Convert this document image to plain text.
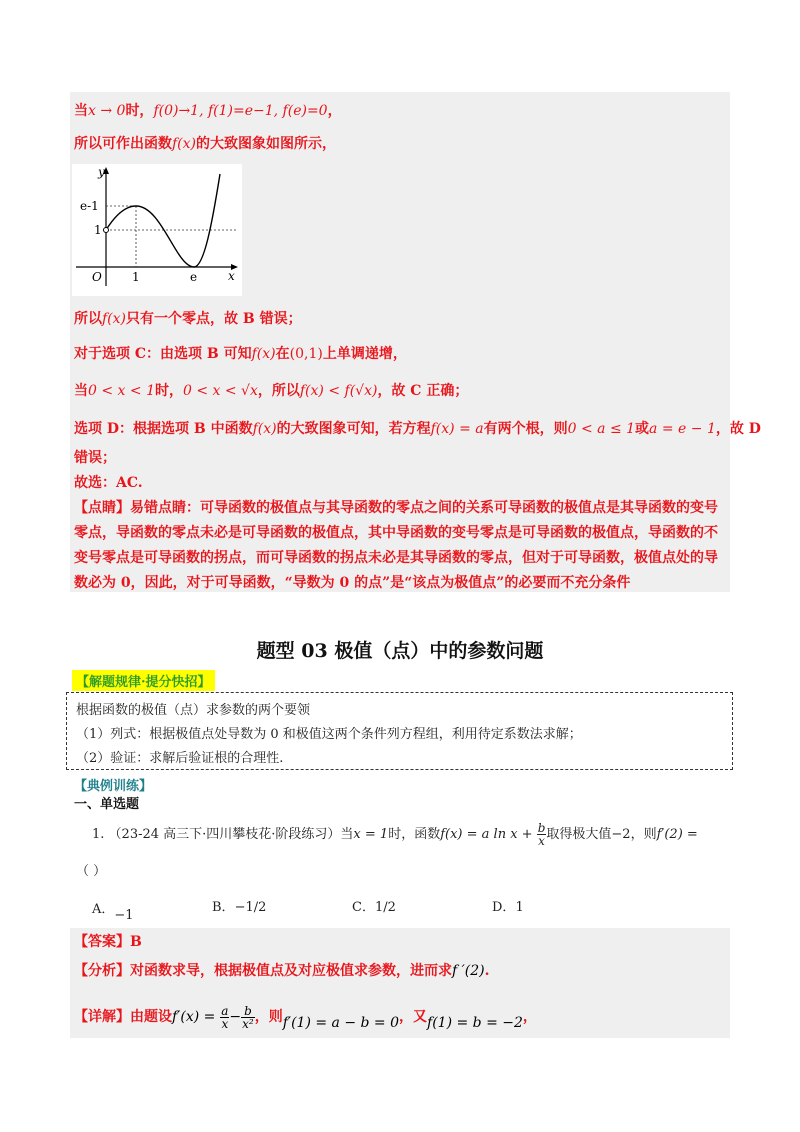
当x → 0时，f(0)→1, f(1)=e−1, f(e)=0，
所以可作出函数f(x)的大致图象如图所示，
y
x
O
e-1
1
1	e
所以f(x)只有一个零点，故 B 错误；
对于选项 C：由选项 B 可知f(x)在(0,1)上单调递增，
当0 < x < 1时，0 < x < √x，所以f(x) < f(√x)，故 C 正确；
选项 D：根据选项 B 中函数f(x)的大致图象可知，若方程f(x) = a有两个根，则0 < a ≤ 1或a = e − 1，故 D
错误；
故选：AC.
【点睛】易错点睛：可导函数的极值点与其导函数的零点之间的关系可导函数的极值点是其导函数的变号
零点，导函数的零点未必是可导函数的极值点，其中导函数的变号零点是可导函数的极值点，导函数的不
变号零点是可导函数的拐点，而可导函数的拐点未必是其导函数的零点，但对于可导函数，极值点处的导
数必为 0，因此，对于可导函数，“导数为 0 的点”是“该点为极值点”的必要而不充分条件
题型 03 极值（点）中的参数问题
【解题规律·提分快招】
根据函数的极值（点）求参数的两个要领
（1）列式：根据极值点处导数为 0 和极值这两个条件列方程组，利用待定系数法求解；
（2）验证：求解后验证根的合理性.
【典例训练】
一、单选题
1. （23-24 高三下·四川攀枝花·阶段练习）当x = 1时，函数f(x) = a $\ln x + \frac{b}{x}$ 取得极大值−2，则f′(2) =
（ ）
A．−1
B．−1/2	C．1/2	D．1
【答案】B
【分析】对函数求导，根据极值点及对应极值求参数，进而求f ′(2).
【详解】由题设$f'(x) = \frac{a}{x} - \frac{b}{\text{x²}}$ ，则f′(1) = a − b = 0，又f(1) = b = −2，
